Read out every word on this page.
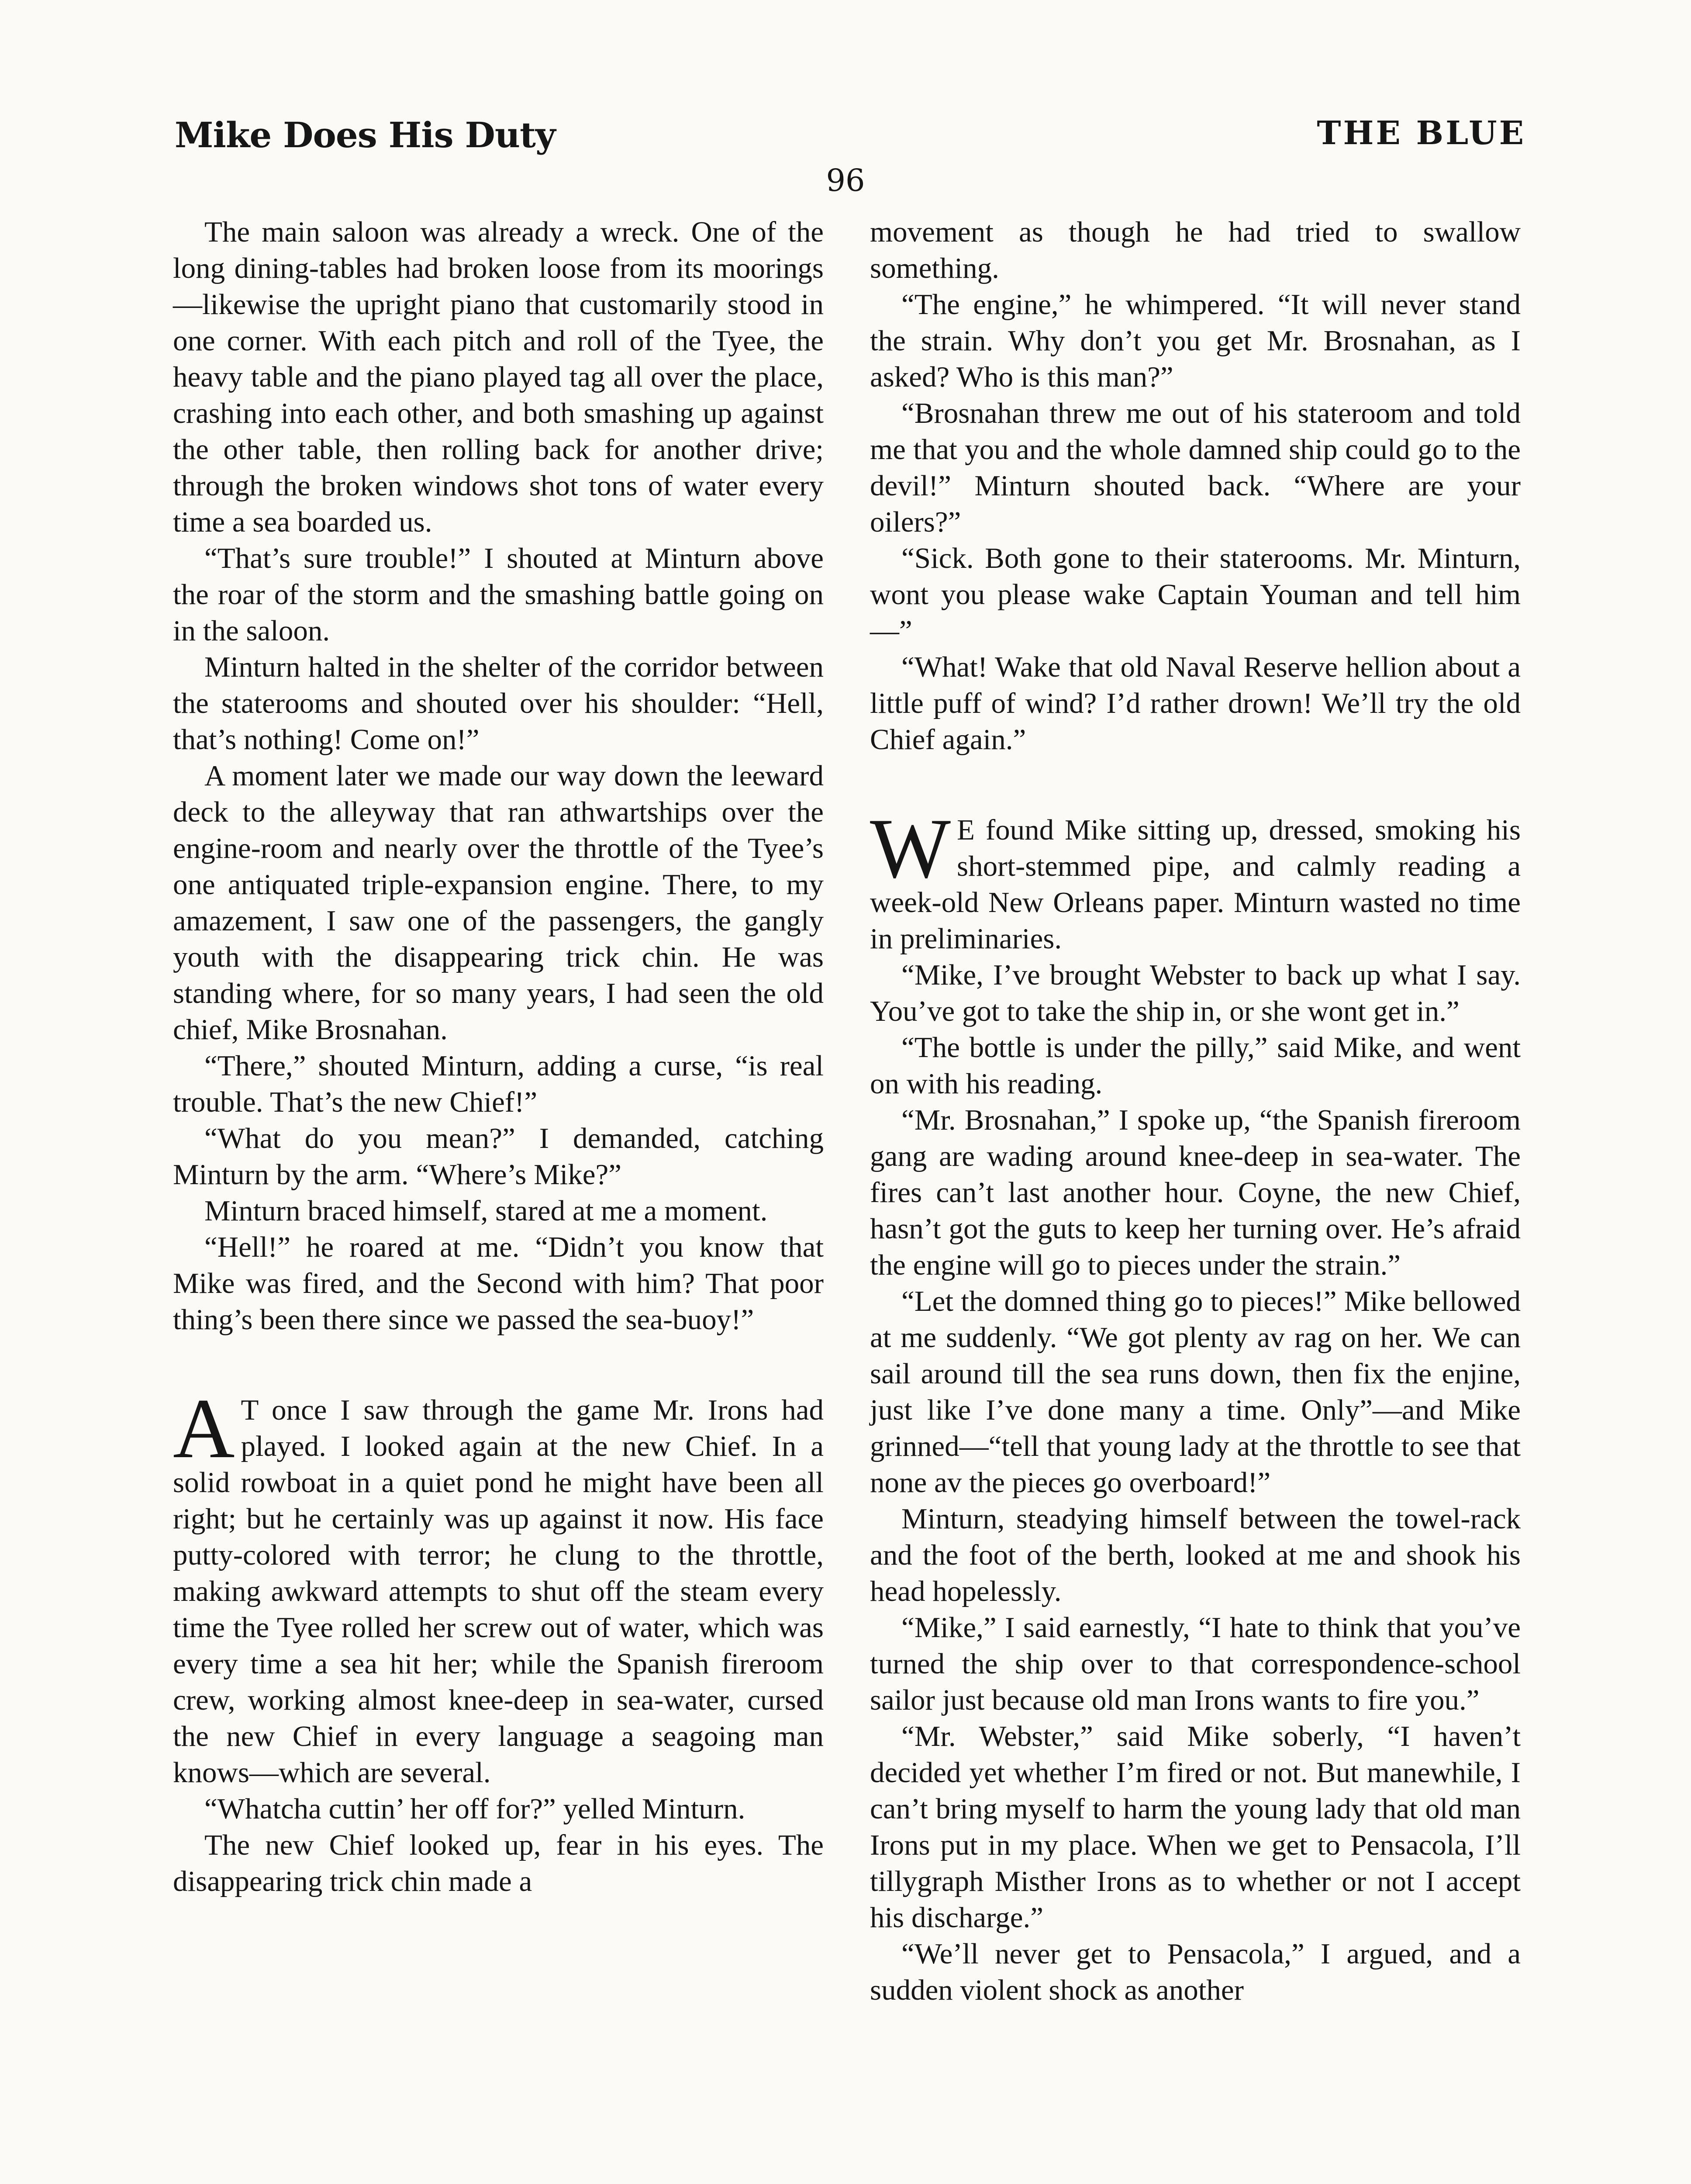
Mike Does His Duty	THE BLUE
96

The main saloon was already a wreck. One of the long dining-tables had broken loose from its moorings—likewise the upright piano that customarily stood in one corner. With each pitch and roll of the Tyee, the heavy table and the piano played tag all over the place, crashing into each other, and both smashing up against the other table, then rolling back for another drive; through the broken windows shot tons of water every time a sea boarded us.

“That’s sure trouble!” I shouted at Minturn above the roar of the storm and the smashing battle going on in the saloon.

Minturn halted in the shelter of the corridor between the staterooms and shouted over his shoulder: “Hell, that’s nothing! Come on!”

A moment later we made our way down the leeward deck to the alleyway that ran athwartships over the engine-room and nearly over the throttle of the Tyee’s one antiquated triple-expansion engine. There, to my amazement, I saw one of the passengers, the gangly youth with the disappearing trick chin. He was standing where, for so many years, I had seen the old chief, Mike Brosnahan.

“There,” shouted Minturn, adding a curse, “is real trouble. That’s the new Chief!”

“What do you mean?” I demanded, catching Minturn by the arm. “Where’s Mike?”

Minturn braced himself, stared at me a moment.

“Hell!” he roared at me. “Didn’t you know that Mike was fired, and the Second with him? That poor thing’s been there since we passed the sea-buoy!”

A T once I saw through the game Mr. Irons had played. I looked again at the new Chief. In a solid rowboat in a quiet pond he might have been all right; but he certainly was up against it now. His face putty-colored with terror; he clung to the throttle, making awkward attempts to shut off the steam every time the Tyee rolled her screw out of water, which was every time a sea hit her; while the Spanish fireroom crew, working almost knee-deep in sea-water, cursed the new Chief in every language a seagoing man knows—which are several.

“Whatcha cuttin’ her off for?” yelled Minturn.

The new Chief looked up, fear in his eyes. The disappearing trick chin made a

movement as though he had tried to swallow something.

“The engine,” he whimpered. “It will never stand the strain. Why don’t you get Mr. Brosnahan, as I asked? Who is this man?”

“Brosnahan threw me out of his stateroom and told me that you and the whole damned ship could go to the devil!” Minturn shouted back. “Where are your oilers?”

“Sick. Both gone to their staterooms. Mr. Minturn, wont you please wake Captain Youman and tell him—”

“What! Wake that old Naval Reserve hellion about a little puff of wind? I’d rather drown! We’ll try the old Chief again.”

W E found Mike sitting up, dressed, smoking his short-stemmed pipe, and calmly reading a week-old New Orleans paper. Minturn wasted no time in preliminaries.

“Mike, I’ve brought Webster to back up what I say. You’ve got to take the ship in, or she wont get in.”

“The bottle is under the pilly,” said Mike, and went on with his reading.

“Mr. Brosnahan,” I spoke up, “the Spanish fireroom gang are wading around knee-deep in sea-water. The fires can’t last another hour. Coyne, the new Chief, hasn’t got the guts to keep her turning over. He’s afraid the engine will go to pieces under the strain.”

“Let the domned thing go to pieces!” Mike bellowed at me suddenly. “We got plenty av rag on her. We can sail around till the sea runs down, then fix the enjine, just like I’ve done many a time. Only”—and Mike grinned—“tell that young lady at the throttle to see that none av the pieces go overboard!”

Minturn, steadying himself between the towel-rack and the foot of the berth, looked at me and shook his head hopelessly.

“Mike,” I said earnestly, “I hate to think that you’ve turned the ship over to that correspondence-school sailor just because old man Irons wants to fire you.”

“Mr. Webster,” said Mike soberly, “I haven’t decided yet whether I’m fired or not. But manewhile, I can’t bring myself to harm the young lady that old man Irons put in my place. When we get to Pensacola, I’ll tillygraph Misther Irons as to whether or not I accept his discharge.”

“We’ll never get to Pensacola,” I argued, and a sudden violent shock as another
